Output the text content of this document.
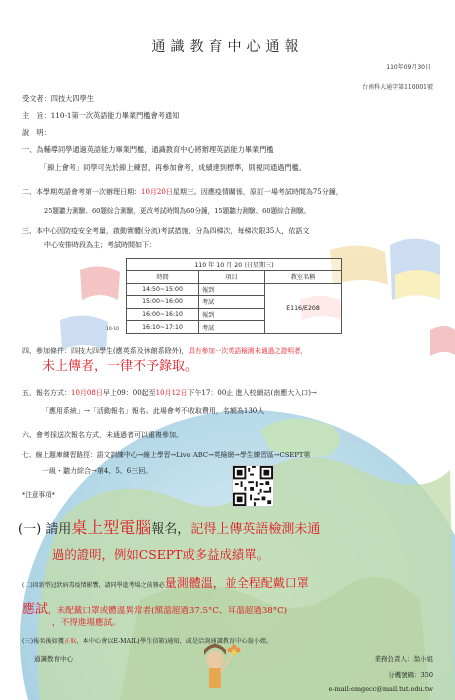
通識教育中心通報
110年09月30日
台南科大通字第110001號
受文者：四技大四學生
主　旨：110-1第一次英語能力畢業門檻會考通知
說　明：
一、為輔導同學通過英語能力畢業門檻，通識教育中心將辦理英語能力畢業門檻
「線上會考」同學可先於線上練習，再參加會考，成績達到標準，則視同通過門檻。
二、本學期英語會考第一次辦理日期：10月20日星期三。因應疫情關係，原訂一場考試時間為75分鐘，
25題聽力測驗、60題綜合測驗，更改考試時間為60分鐘，15題聽力測驗、60題綜合測驗。
三、本中心因防疫安全考量，啟動實體(分流)考試措施，分為四梯次，每梯次限35人，依語文
中心安排時段為主；考試時間如下：
110 年 10 月 20 日(星期三)		
時間	項目	教室名稱
14:50~15:00	報到	E116/E208
15:00~16:00	考試	
16:00~16:10	報到	
16:10~17:10	考試	
10-10
四、參加條件：四技大四學生(應英系及休館系除外)，具有參加一次英語檢測未通過之證明者，
未上傳者，一律不予錄取。
五、報名方式：10月08日早上09：00起至10月12日下午17：00止 進入校網站(南應大入口)→
「應用系統」→「活動報名」報名。此場會考不收取費用，名額為130人
六、會考採送次報名方式，未通過者可以重複參加。
七、線上題庫練習路徑：語文訓練中心→線上學習→Live ABC→英檢網→學生練習區→CSEPT第
一級・聽力綜合→第4、5、6三回。
*注意事項*
(一) 請用桌上型電腦報名，記得上傳英語檢測未通
過的證明，例如CSEPT或多益成績單。
(二)因新型冠狀病毒疫情影響，請同學進考場之前務必量測體溫，並全程配戴口罩
應試，未配戴口罩或體溫異常者(額溫超過37.5°C、耳溫超過38°C)
，不得進場應試。
(三)報名後如獲正取，本中心會以E-MAIL(學生信箱)通知，或是洽詢通識教育中心翁小姐。
通識教育中心	業務負責人：翁小姐
分機號碼：350
e-mail:emgecc@mail.tut.edu.tw
